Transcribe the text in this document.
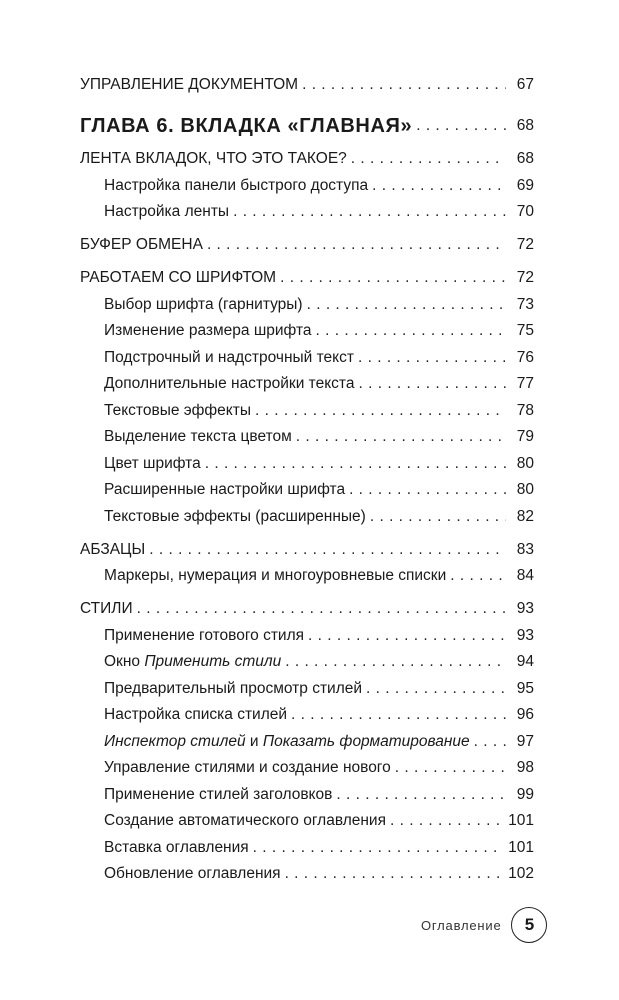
УПРАВЛЕНИЕ ДОКУМЕНТОМ . . .	67
ГЛАВА 6. ВКЛАДКА «ГЛАВНАЯ» . . .	68
ЛЕНТА ВКЛАДОК, ЧТО ЭТО ТАКОЕ? . . .	68
Настройка панели быстрого доступа . . .	69
Настройка ленты . . .	70
БУФЕР ОБМЕНА . . .	72
РАБОТАЕМ СО ШРИФТОМ . . .	72
Выбор шрифта (гарнитуры) . . .	73
Изменение размера шрифта . . .	75
Подстрочный и надстрочный текст . . .	76
Дополнительные настройки текста . . .	77
Текстовые эффекты . . .	78
Выделение текста цветом . . .	79
Цвет шрифта . . .	80
Расширенные настройки шрифта . . .	80
Текстовые эффекты (расширенные) . . .	82
АБЗАЦЫ . . .	83
Маркеры, нумерация и многоуровневые списки . . .	84
СТИЛИ . . .	93
Применение готового стиля . . .	93
Окно Применить стили . . .	94
Предварительный просмотр стилей . . .	95
Настройка списка стилей . . .	96
Инспектор стилей и Показать форматирование . . .	97
Управление стилями и создание нового . . .	98
Применение стилей заголовков . . .	99
Создание автоматического оглавления . . .	101
Вставка оглавления . . .	101
Обновление оглавления . . .	102
Оглавление	5
